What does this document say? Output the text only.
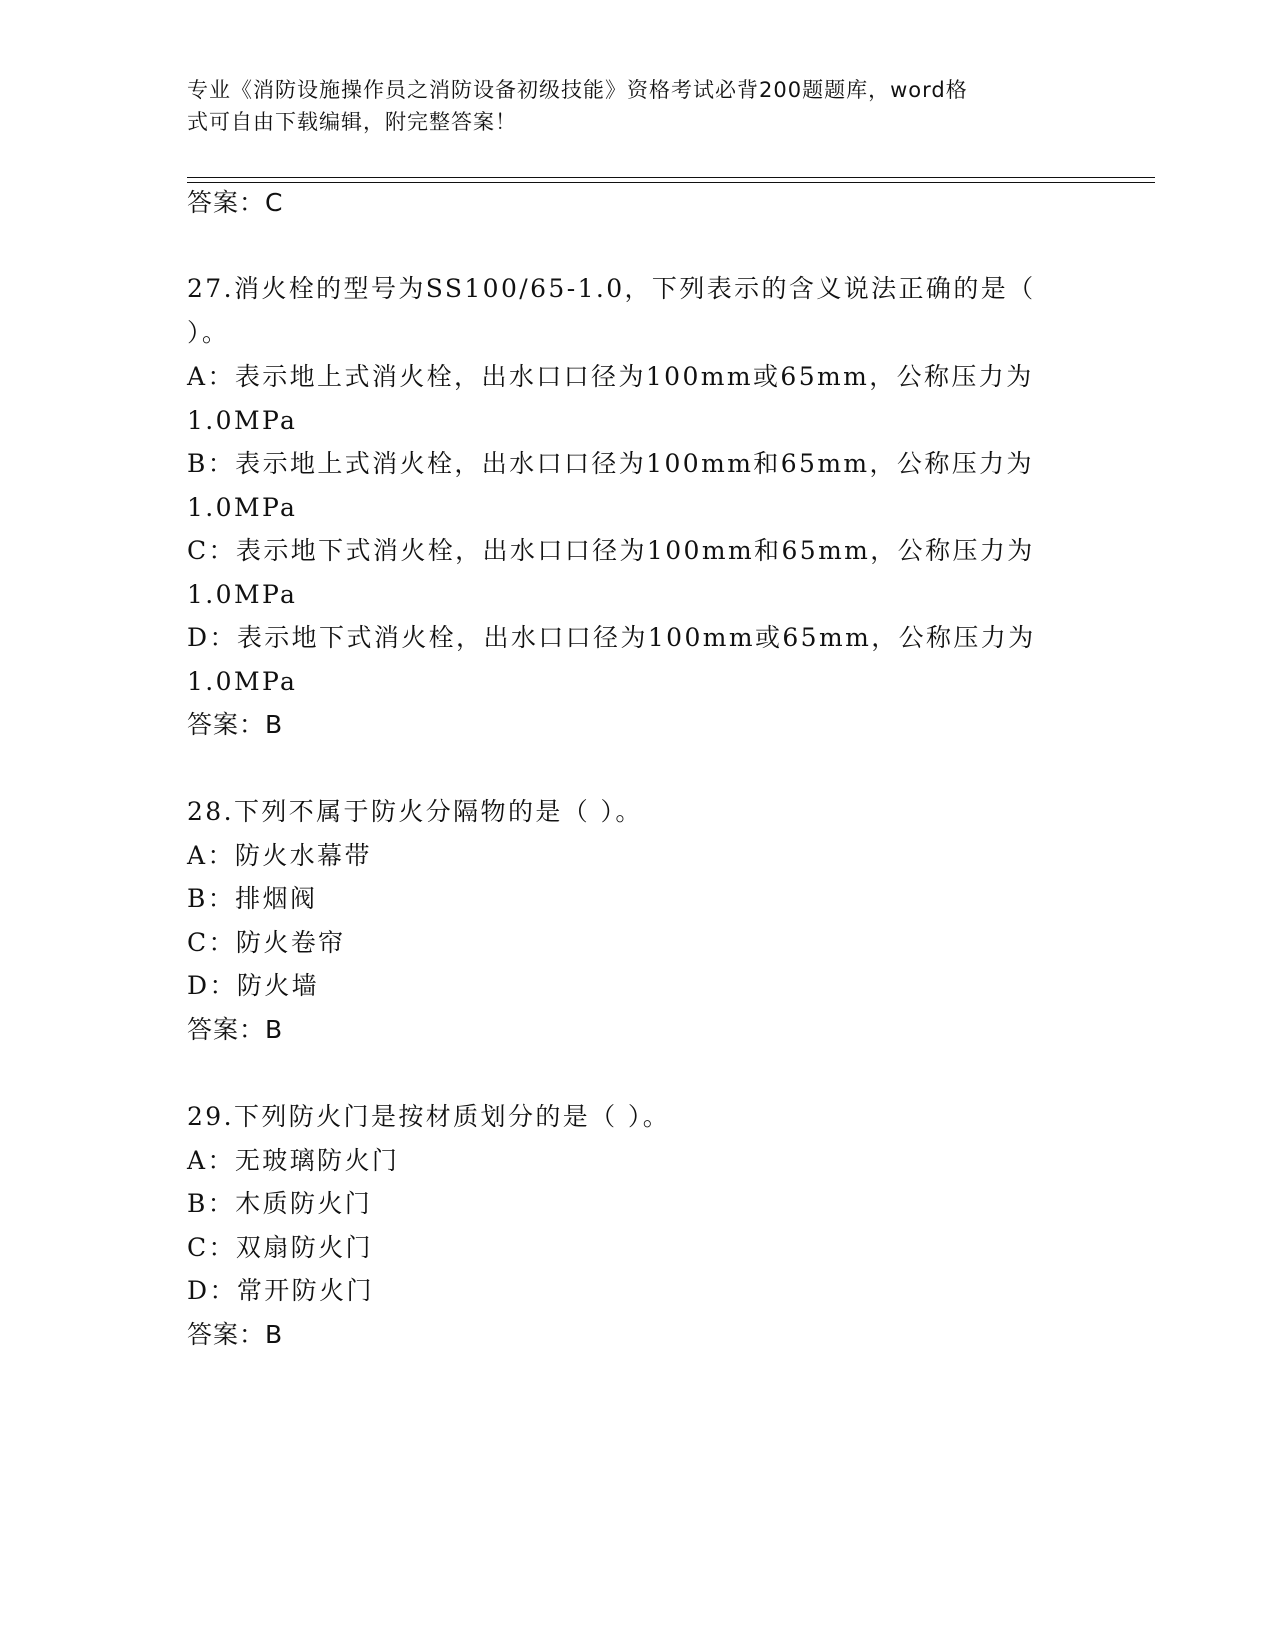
专业《消防设施操作员之消防设备初级技能》资格考试必背200题题库，word格
式可自由下载编辑，附完整答案！
答案：C
27.消火栓的型号为SS100/65-1.0，下列表示的含义说法正确的是（
）。
A：表示地上式消火栓，出水口口径为100mm或65mm，公称压力为
1.0MPa
B：表示地上式消火栓，出水口口径为100mm和65mm，公称压力为
1.0MPa
C：表示地下式消火栓，出水口口径为100mm和65mm，公称压力为
1.0MPa
D：表示地下式消火栓，出水口口径为100mm或65mm，公称压力为
1.0MPa
答案：B
28.下列不属于防火分隔物的是（ ）。
A：防火水幕带
B：排烟阀
C：防火卷帘
D：防火墙
答案：B
29.下列防火门是按材质划分的是（ ）。
A：无玻璃防火门
B：木质防火门
C：双扇防火门
D：常开防火门
答案：B
